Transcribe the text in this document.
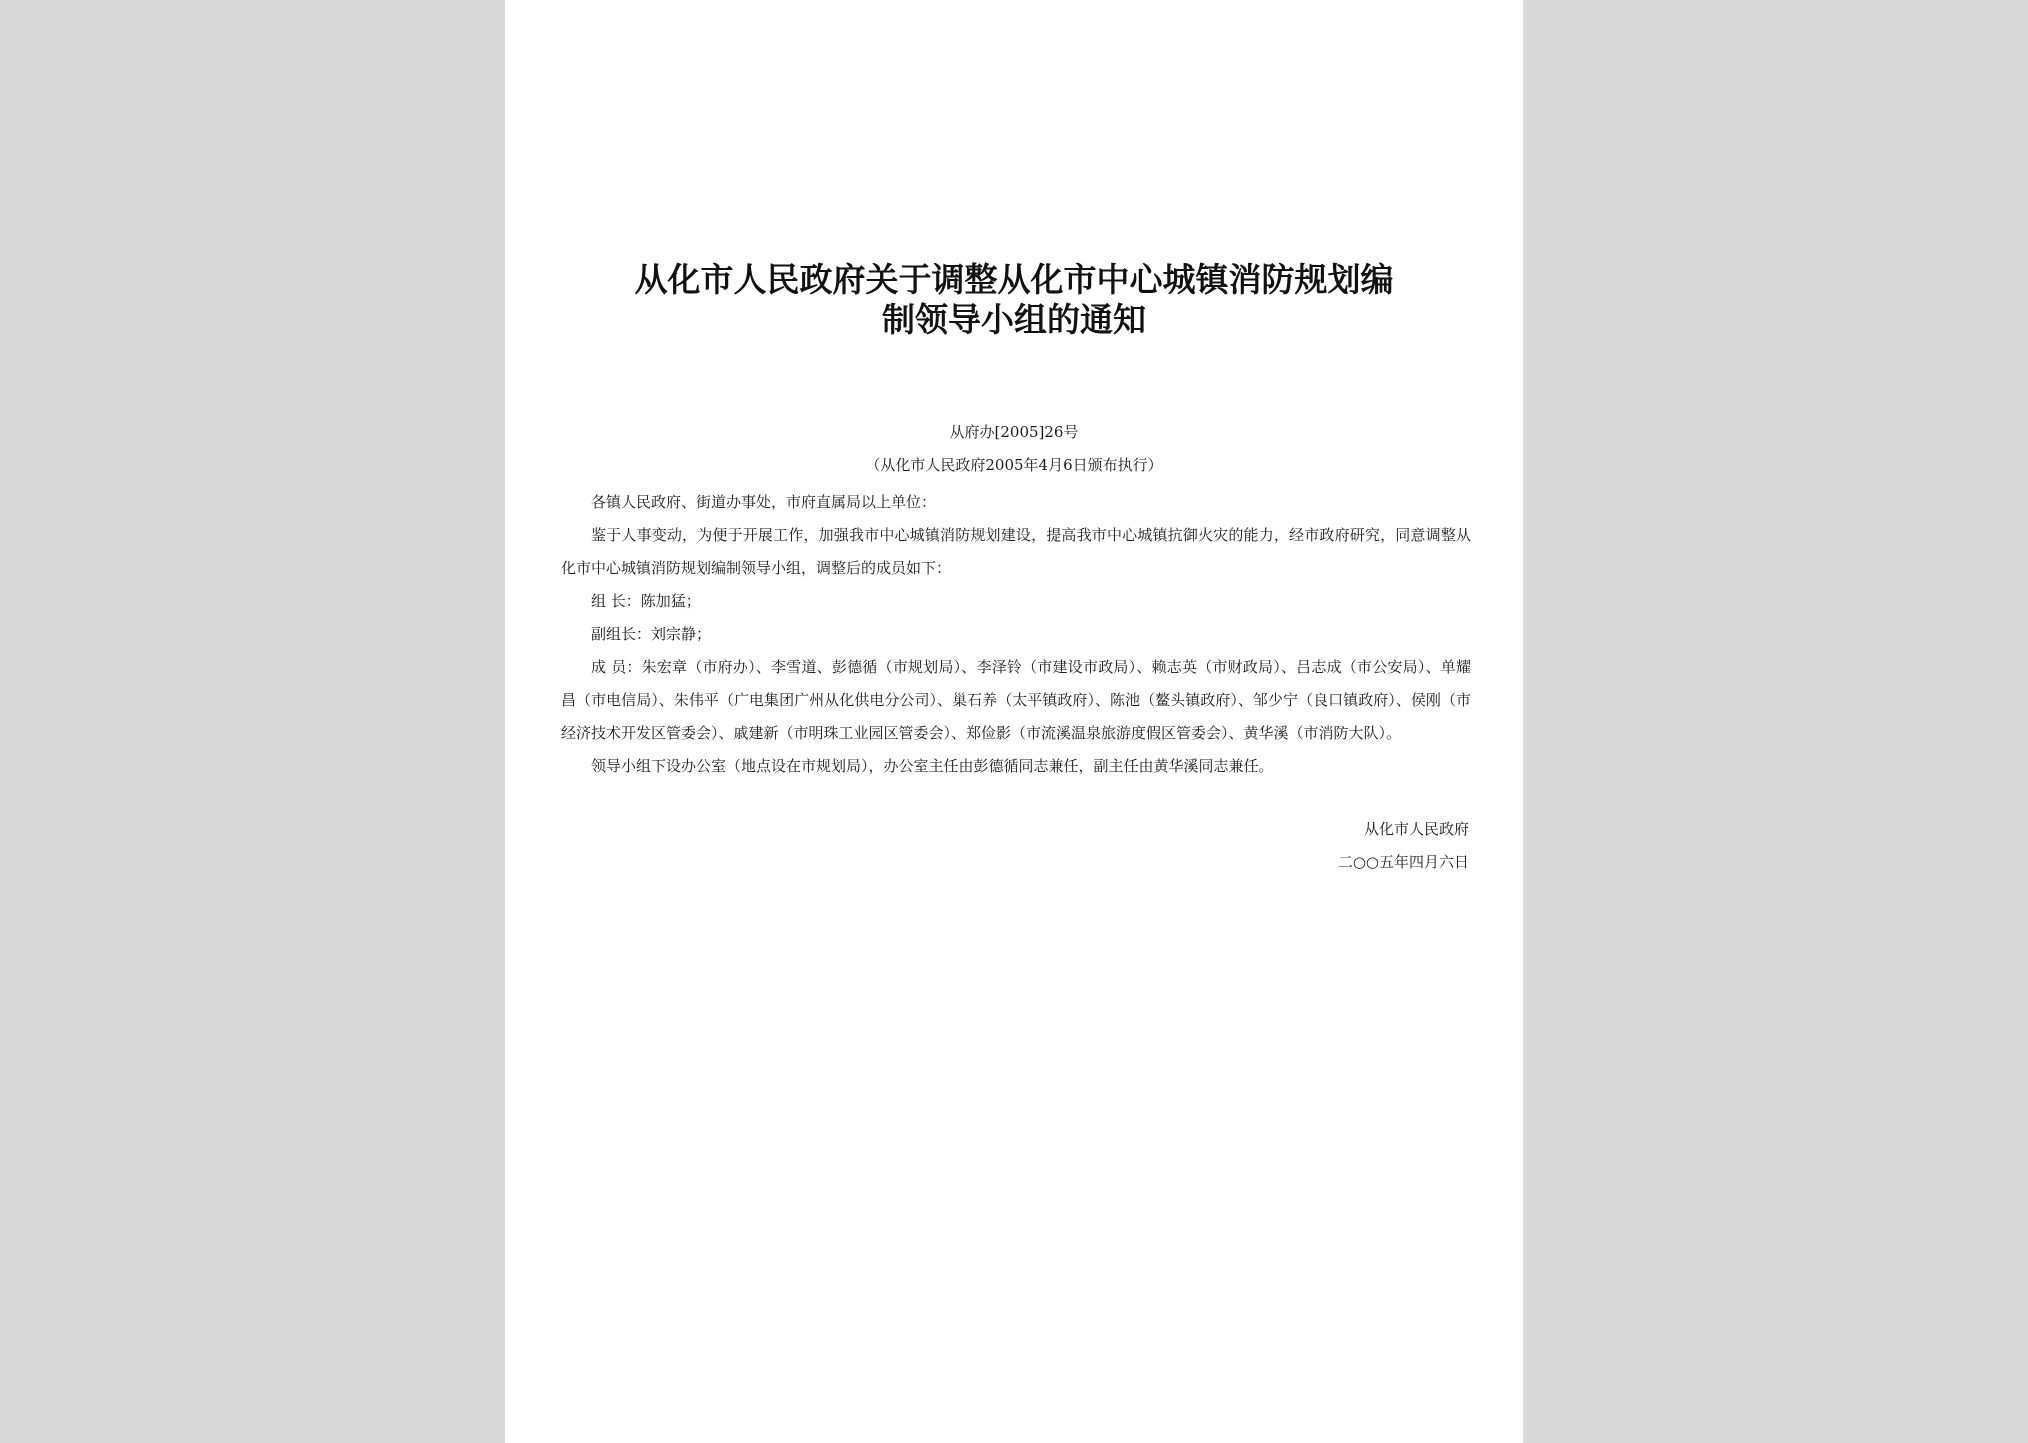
从化市人民政府关于调整从化市中心城镇消防规划编
制领导小组的通知
从府办[2005]26号
（从化市人民政府2005年4月6日颁布执行）

各镇人民政府、街道办事处，市府直属局以上单位：

鉴于人事变动，为便于开展工作，加强我市中心城镇消防规划建设，提高我市中心城镇抗御火灾的能力，经市政府研究，同意调整从化市中心城镇消防规划编制领导小组，调整后的成员如下：

组 长：陈加猛；

副组长：刘宗静；

成 员：朱宏章（市府办）、李雪道、彭德循（市规划局）、李泽铃（市建设市政局）、赖志英（市财政局）、吕志成（市公安局）、单耀昌（市电信局）、朱伟平（广电集团广州从化供电分公司）、巢石养（太平镇政府）、陈池（鳌头镇政府）、邹少宁（良口镇政府）、侯刚（市经济技术开发区管委会）、戚建新（市明珠工业园区管委会）、郑俭影（市流溪温泉旅游度假区管委会）、黄华溪（市消防大队）。

领导小组下设办公室（地点设在市规划局），办公室主任由彭德循同志兼任，副主任由黄华溪同志兼任。

从化市人民政府
二○○五年四月六日
